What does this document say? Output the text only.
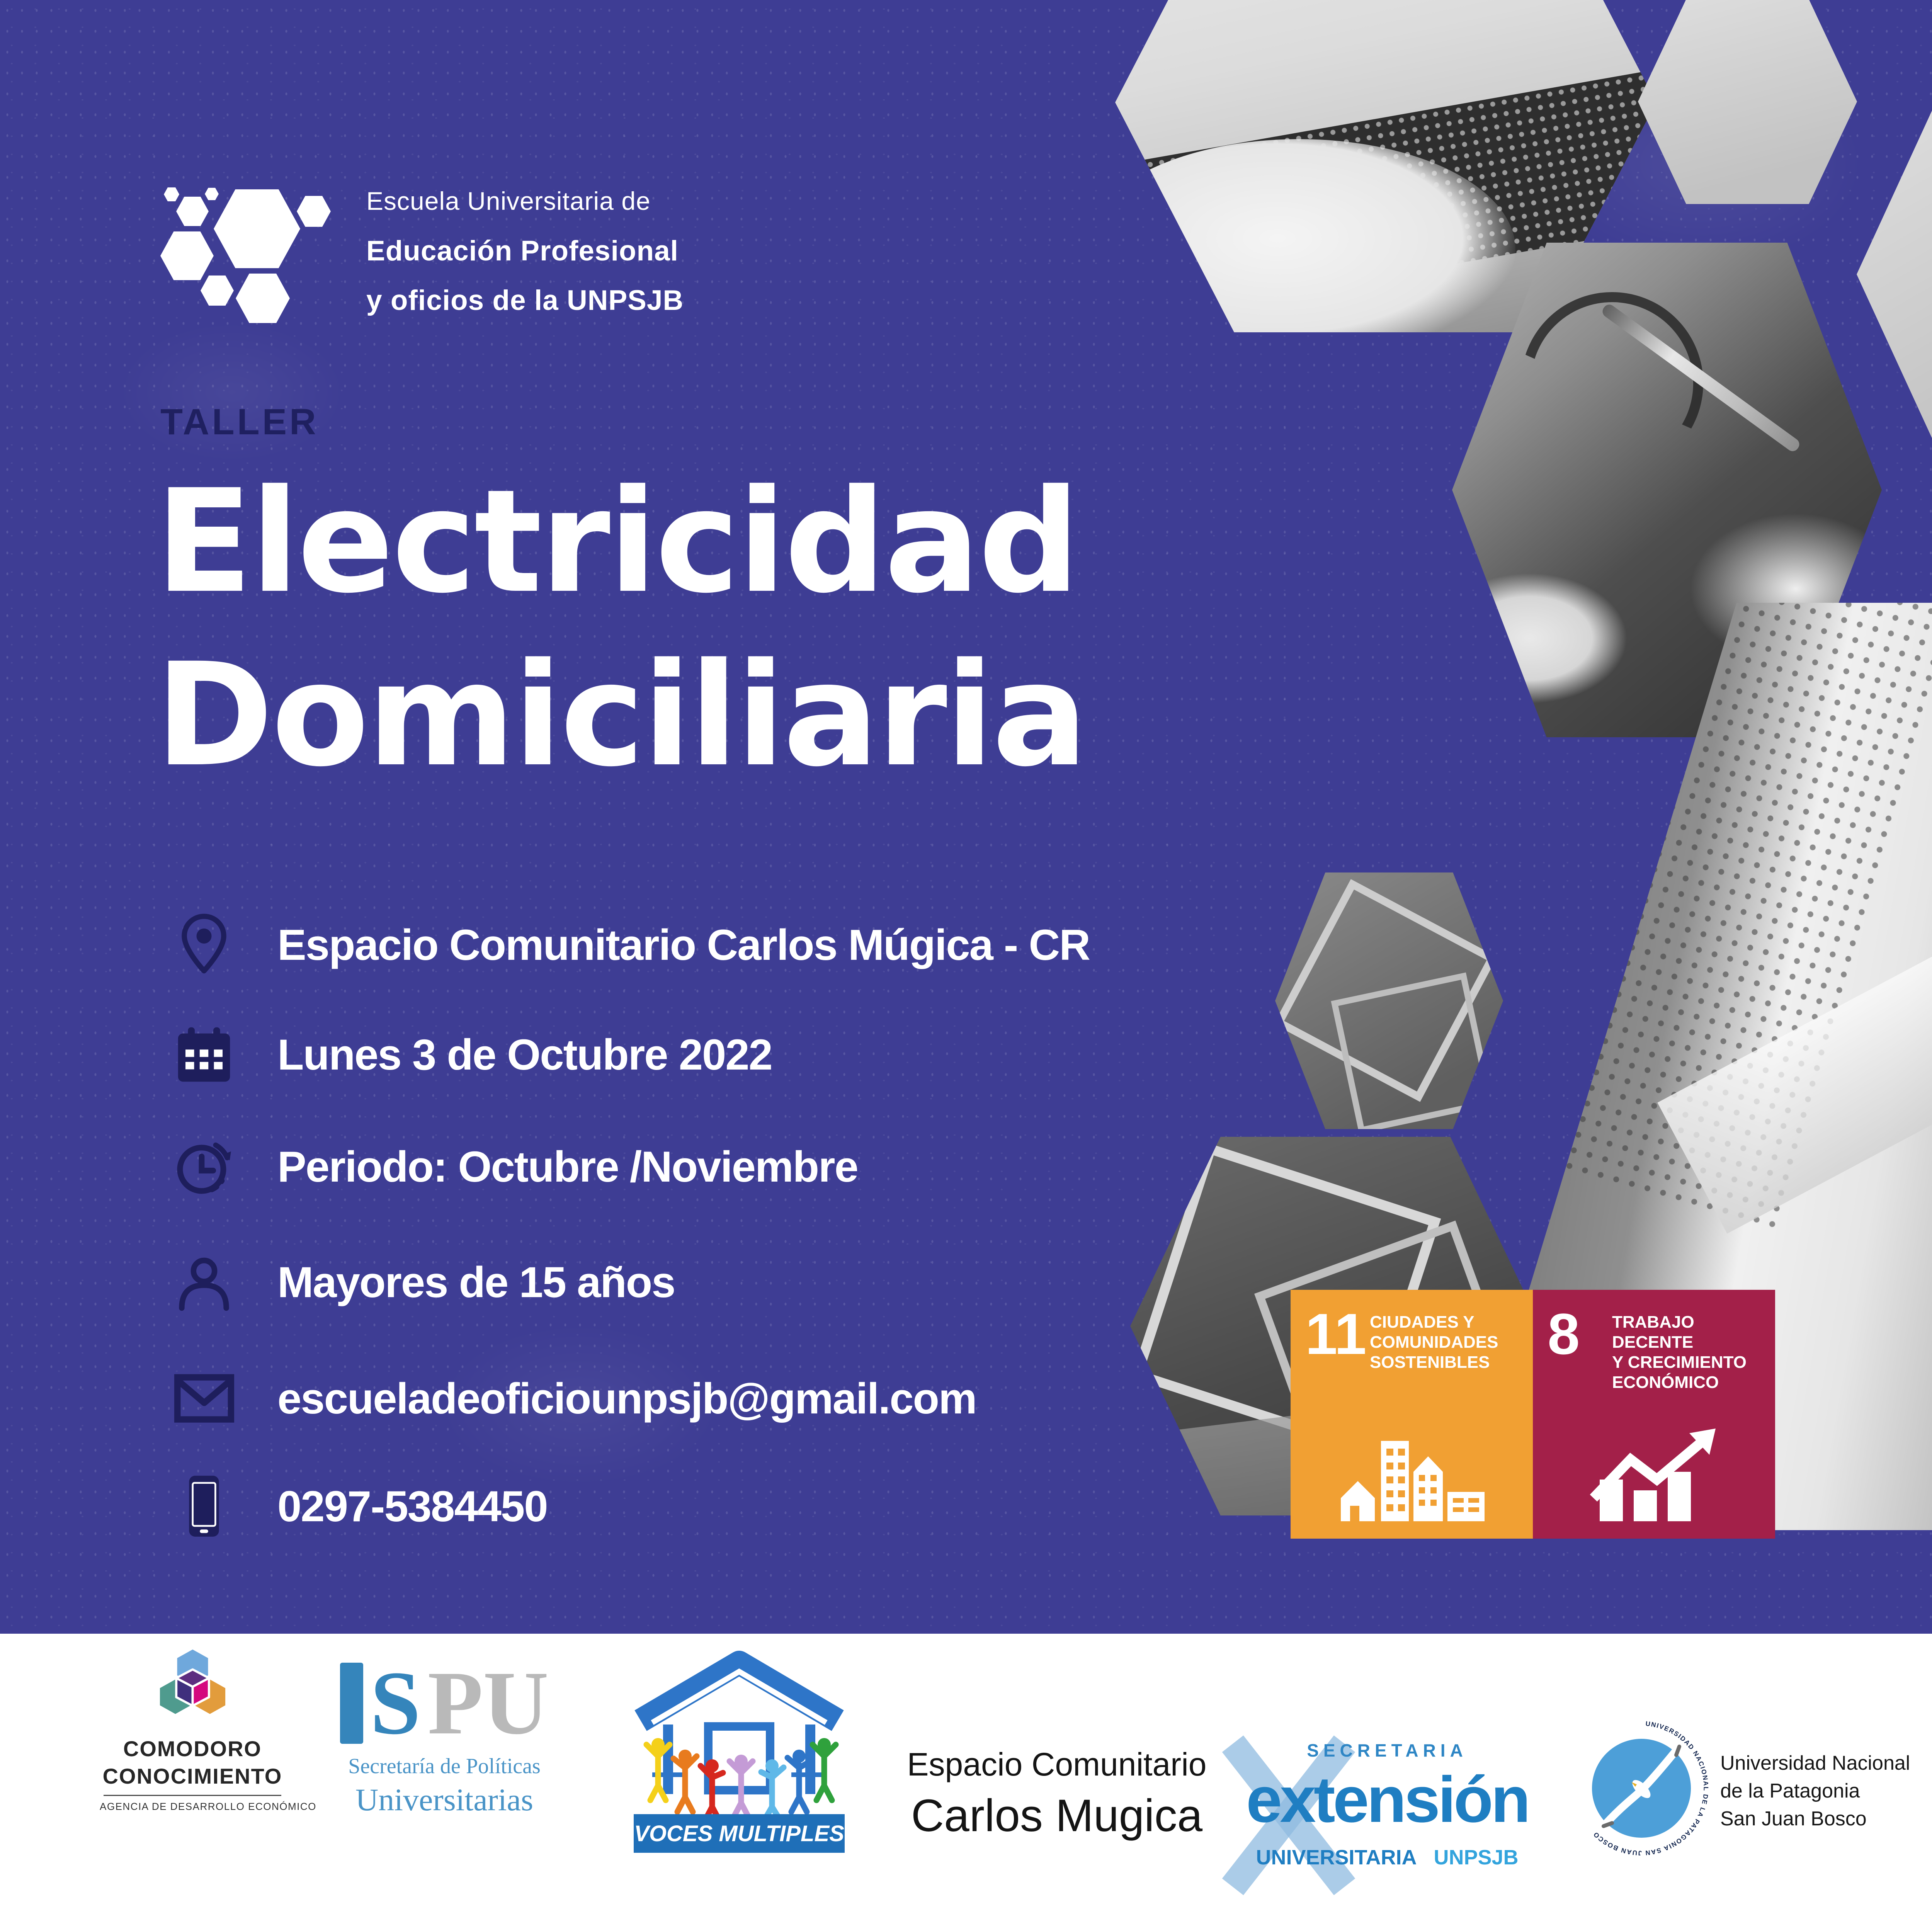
Escuela Universitaria de
Educación Profesional
y oficios de la UNPSJB
TALLER
Electricidad
Domiciliaria
Espacio Comunitario Carlos Múgica - CR
Lunes 3 de Octubre 2022
Periodo: Octubre /Noviembre
Mayores de 15 años
escueladeoficiounpsjb@gmail.com
0297-5384450
11 CIUDADES Y
COMUNIDADES
SOSTENIBLES 8 TRABAJO DECENTE
Y CRECIMIENTO
ECONÓMICO
COMODORO
CONOCIMIENTO
AGENCIA DE DESARROLLO ECONÓMICO
S PU
Secretaría de Políticas
Universitarias
VOCES MULTIPLES
Espacio Comunitario
Carlos Mugica
SECRETARIA
extensión
UNIVERSITARIA UNPSJB
UNIVERSIDAD NACIONAL DE LA PATAGONIA SAN JUAN BOSCO
Universidad Nacional
de la Patagonia
San Juan Bosco
